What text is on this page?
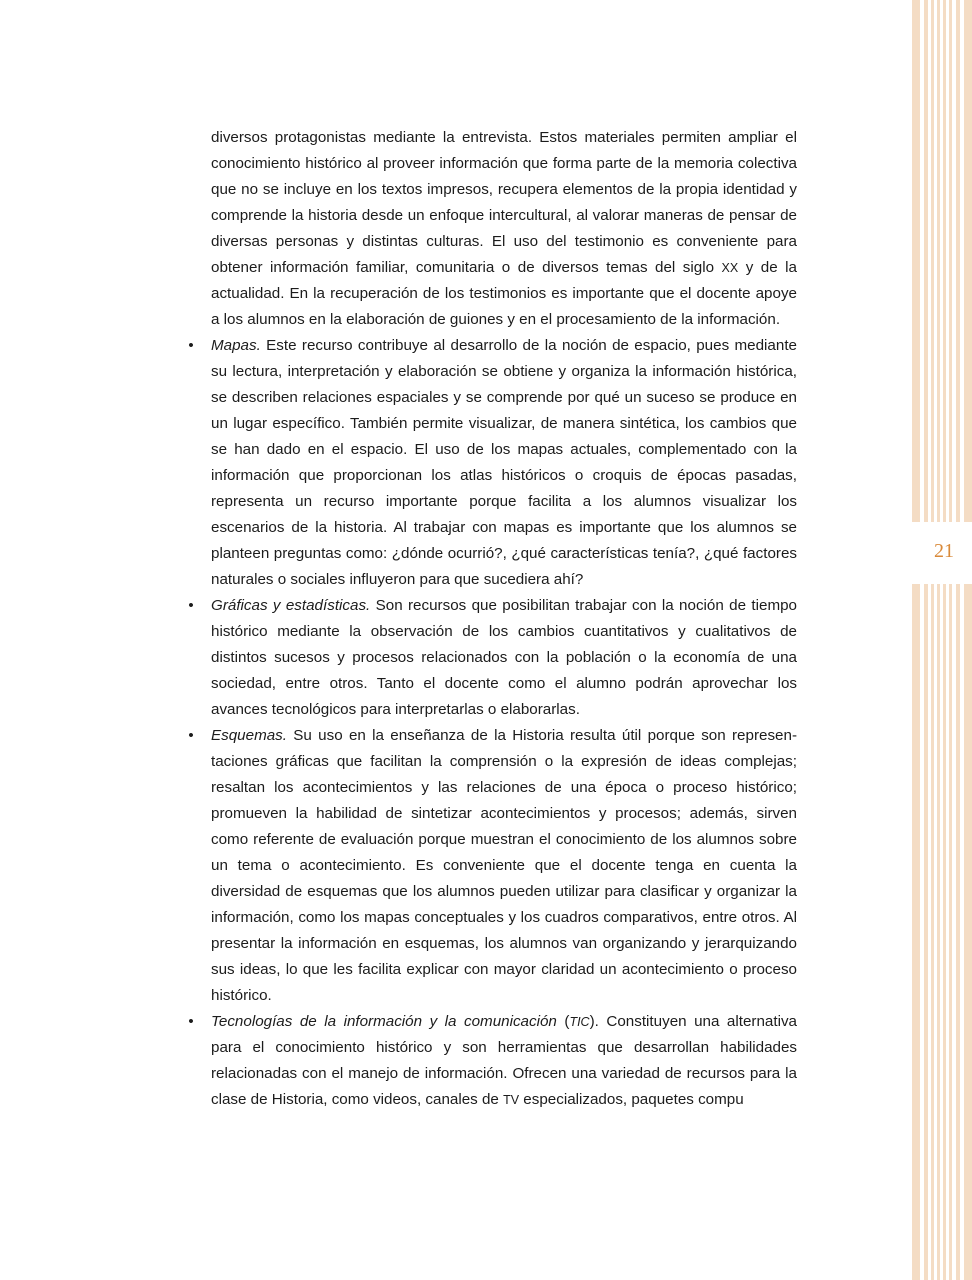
21

diversos protagonistas mediante la entrevista. Estos materiales permiten ampliar el conocimiento histórico al proveer información que forma parte de la memoria colectiva que no se incluye en los textos impresos, recupera elementos de la propia identidad y comprende la historia desde un enfoque intercultural, al valorar maneras de pensar de diversas personas y distintas culturas. El uso del testimonio es conveniente para obtener información familiar, comunitaria o de diversos temas del siglo XX y de la actualidad. En la recuperación de los testimonios es importante que el docente apoye a los alumnos en la elaboración de guiones y en el procesamiento de la información.

• Mapas. Este recurso contribuye al desarrollo de la noción de espacio, pues mediante su lectura, interpretación y elaboración se obtiene y organiza la información histórica, se describen relaciones espaciales y se comprende por qué un suceso se produce en un lugar específico. También permite visualizar, de manera sintética, los cambios que se han dado en el espacio. El uso de los mapas actuales, complementado con la información que proporcionan los atlas históricos o croquis de épocas pasadas, representa un recurso importante porque facilita a los alumnos visualizar los escenarios de la historia. Al trabajar con mapas es importante que los alumnos se planteen preguntas como: ¿dónde ocurrió?, ¿qué características tenía?, ¿qué factores naturales o sociales influyeron para que sucediera ahí?

• Gráficas y estadísticas. Son recursos que posibilitan trabajar con la noción de tiempo histórico mediante la observación de los cambios cuantitativos y cualitativos de distintos sucesos y procesos relacionados con la población o la economía de una sociedad, entre otros. Tanto el docente como el alumno podrán aprovechar los avances tecnológicos para interpretarlas o elaborarlas.

• Esquemas. Su uso en la enseñanza de la Historia resulta útil porque son representaciones gráficas que facilitan la comprensión o la expresión de ideas complejas; resaltan los acontecimientos y las relaciones de una época o proceso histórico; promueven la habilidad de sintetizar acontecimientos y procesos; además, sirven como referente de evaluación porque muestran el conocimiento de los alumnos sobre un tema o acontecimiento. Es conveniente que el docente tenga en cuenta la diversidad de esquemas que los alumnos pueden utilizar para clasificar y organizar la información, como los mapas conceptuales y los cuadros comparativos, entre otros. Al presentar la información en esquemas, los alumnos van organizando y jerarquizando sus ideas, lo que les facilita explicar con mayor claridad un acontecimiento o proceso histórico.

• Tecnologías de la información y la comunicación (TIC). Constituyen una alternativa para el conocimiento histórico y son herramientas que desarrollan habilidades relacionadas con el manejo de información. Ofrecen una variedad de recursos para la clase de Historia, como videos, canales de TV especializados, paquetes compu
